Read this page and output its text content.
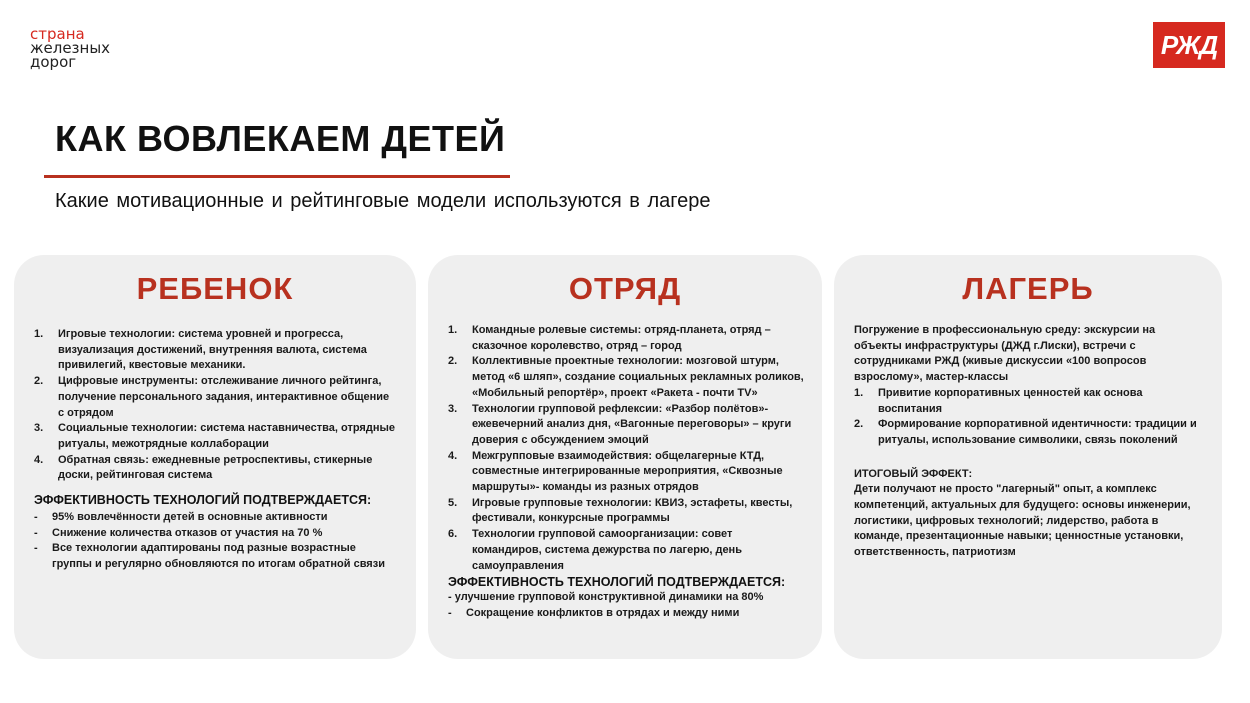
страна
железных
дорог
РЖД
КАК ВОВЛЕКАЕМ ДЕТЕЙ
Какие мотивационные и рейтинговые модели используются в лагере
РЕБЕНОК
1. Игровые технологии: система уровней и прогресса, визуализация достижений, внутренняя валюта, система привилегий, квестовые механики.
2. Цифровые инструменты: отслеживание личного рейтинга, получение персонального задания, интерактивное общение с отрядом
3. Социальные технологии: система наставничества, отрядные ритуалы, межотрядные коллаборации
4. Обратная связь: ежедневные ретроспективы, стикерные доски, рейтинговая система
ЭФФЕКТИВНОСТЬ ТЕХНОЛОГИЙ ПОДТВЕРЖДАЕТСЯ:
- 95% вовлечённости детей в основные активности
- Снижение количества отказов от участия на 70 %
- Все технологии адаптированы под разные возрастные группы и регулярно обновляются по итогам обратной связи
ОТРЯД
1. Командные ролевые системы: отряд-планета, отряд – сказочное королевство, отряд – город
2. Коллективные проектные технологии: мозговой штурм, метод «6 шляп», создание социальных рекламных роликов, «Мобильный репортёр», проект «Ракета - почти TV»
3. Технологии групповой рефлексии: «Разбор полётов»- ежевечерний анализ дня, «Вагонные переговоры» – круги доверия с обсуждением эмоций
4. Межгрупповые взаимодействия: общелагерные КТД, совместные интегрированные мероприятия, «Сквозные маршруты»- команды из разных отрядов
5. Игровые групповые технологии: КВИЗ, эстафеты, квесты, фестивали, конкурсные программы
6. Технологии групповой самоорганизации: совет командиров, система дежурства по лагерю, день самоуправления
ЭФФЕКТИВНОСТЬ ТЕХНОЛОГИЙ ПОДТВЕРЖДАЕТСЯ:
- улучшение групповой конструктивной динамики на 80%
- Сокращение конфликтов в отрядах и между ними
ЛАГЕРЬ
Погружение в профессиональную среду: экскурсии на объекты инфраструктуры (ДЖД г.Лиски), встречи с сотрудниками РЖД (живые дискуссии «100 вопросов взрослому», мастер-классы
1. Привитие корпоративных ценностей как основа воспитания
2. Формирование корпоративной идентичности: традиции и ритуалы, использование символики, связь поколений
ИТОГОВЫЙ ЭФФЕКТ:
Дети получают не просто "лагерный" опыт, а комплекс компетенций, актуальных для будущего: основы инженерии, логистики, цифровых технологий; лидерство, работа в команде, презентационные навыки; ценностные установки, ответственность, патриотизм
